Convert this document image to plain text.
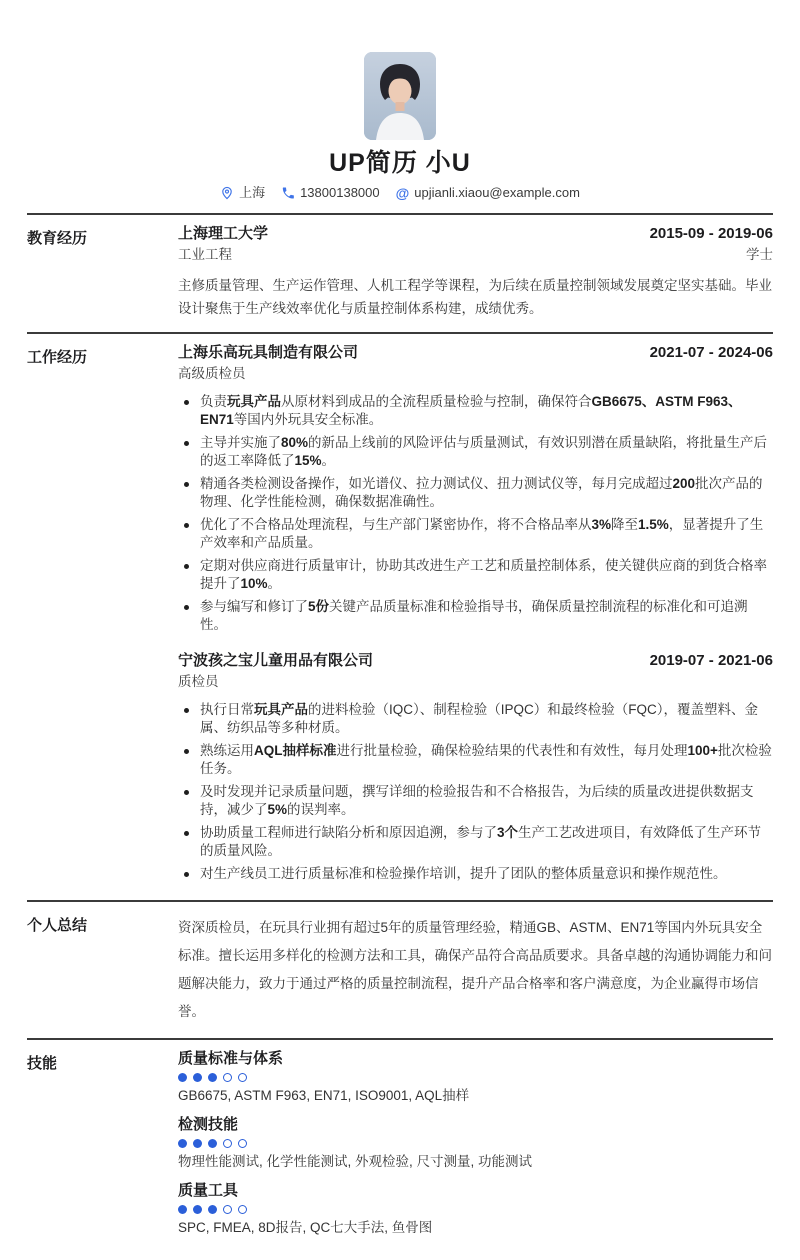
UP简历 小U
上海	13800138000 @ upjianli.xiaou@example.com
教育经历	上海理工大学	2015-09 - 2019-06
工业工程	学士

主修质量管理、生产运作管理、人机工程学等课程，为后续在质量控制领域发展奠定坚实基础。毕业设计聚焦于生产线效率优化与质量控制体系构建，成绩优秀。

工作经历	上海乐高玩具制造有限公司	2021-07 - 2024-06
高级质检员
负责玩具产品从原材料到成品的全流程质量检验与控制，确保符合GB6675、ASTM F963、EN71等国内外玩具安全标准。
主导并实施了80%的新品上线前的风险评估与质量测试，有效识别潜在质量缺陷，将批量生产后的返工率降低了15%。
精通各类检测设备操作，如光谱仪、拉力测试仪、扭力测试仪等，每月完成超过200批次产品的物理、化学性能检测，确保数据准确性。
优化了不合格品处理流程，与生产部门紧密协作，将不合格品率从3%降至1.5%，显著提升了生产效率和产品质量。
定期对供应商进行质量审计，协助其改进生产工艺和质量控制体系，使关键供应商的到货合格率提升了10%。
参与编写和修订了5份关键产品质量标准和检验指导书，确保质量控制流程的标准化和可追溯性。
宁波孩之宝儿童用品有限公司	2019-07 - 2021-06
质检员
执行日常玩具产品的进料检验（IQC）、制程检验（IPQC）和最终检验（FQC），覆盖塑料、金属、纺织品等多种材质。
熟练运用AQL抽样标准进行批量检验，确保检验结果的代表性和有效性，每月处理100+批次检验任务。
及时发现并记录质量问题，撰写详细的检验报告和不合格报告，为后续的质量改进提供数据支持，减少了5%的误判率。
协助质量工程师进行缺陷分析和原因追溯，参与了3个生产工艺改进项目，有效降低了生产环节的质量风险。
对生产线员工进行质量标准和检验操作培训，提升了团队的整体质量意识和操作规范性。
个人总结	资深质检员，在玩具行业拥有超过5年的质量管理经验，精通GB、ASTM、EN71等国内外玩具安全标准。擅长运用多样化的检测方法和工具，确保产品符合高品质要求。具备卓越的沟通协调能力和问题解决能力，致力于通过严格的质量控制流程，提升产品合格率和客户满意度，为企业赢得市场信誉。

技能	质量标准与体系
GB6675, ASTM F963, EN71, ISO9001, AQL抽样
检测技能
物理性能测试, 化学性能测试, 外观检验, 尺寸测量, 功能测试
质量工具
SPC, FMEA, 8D报告, QC七大手法, 鱼骨图
